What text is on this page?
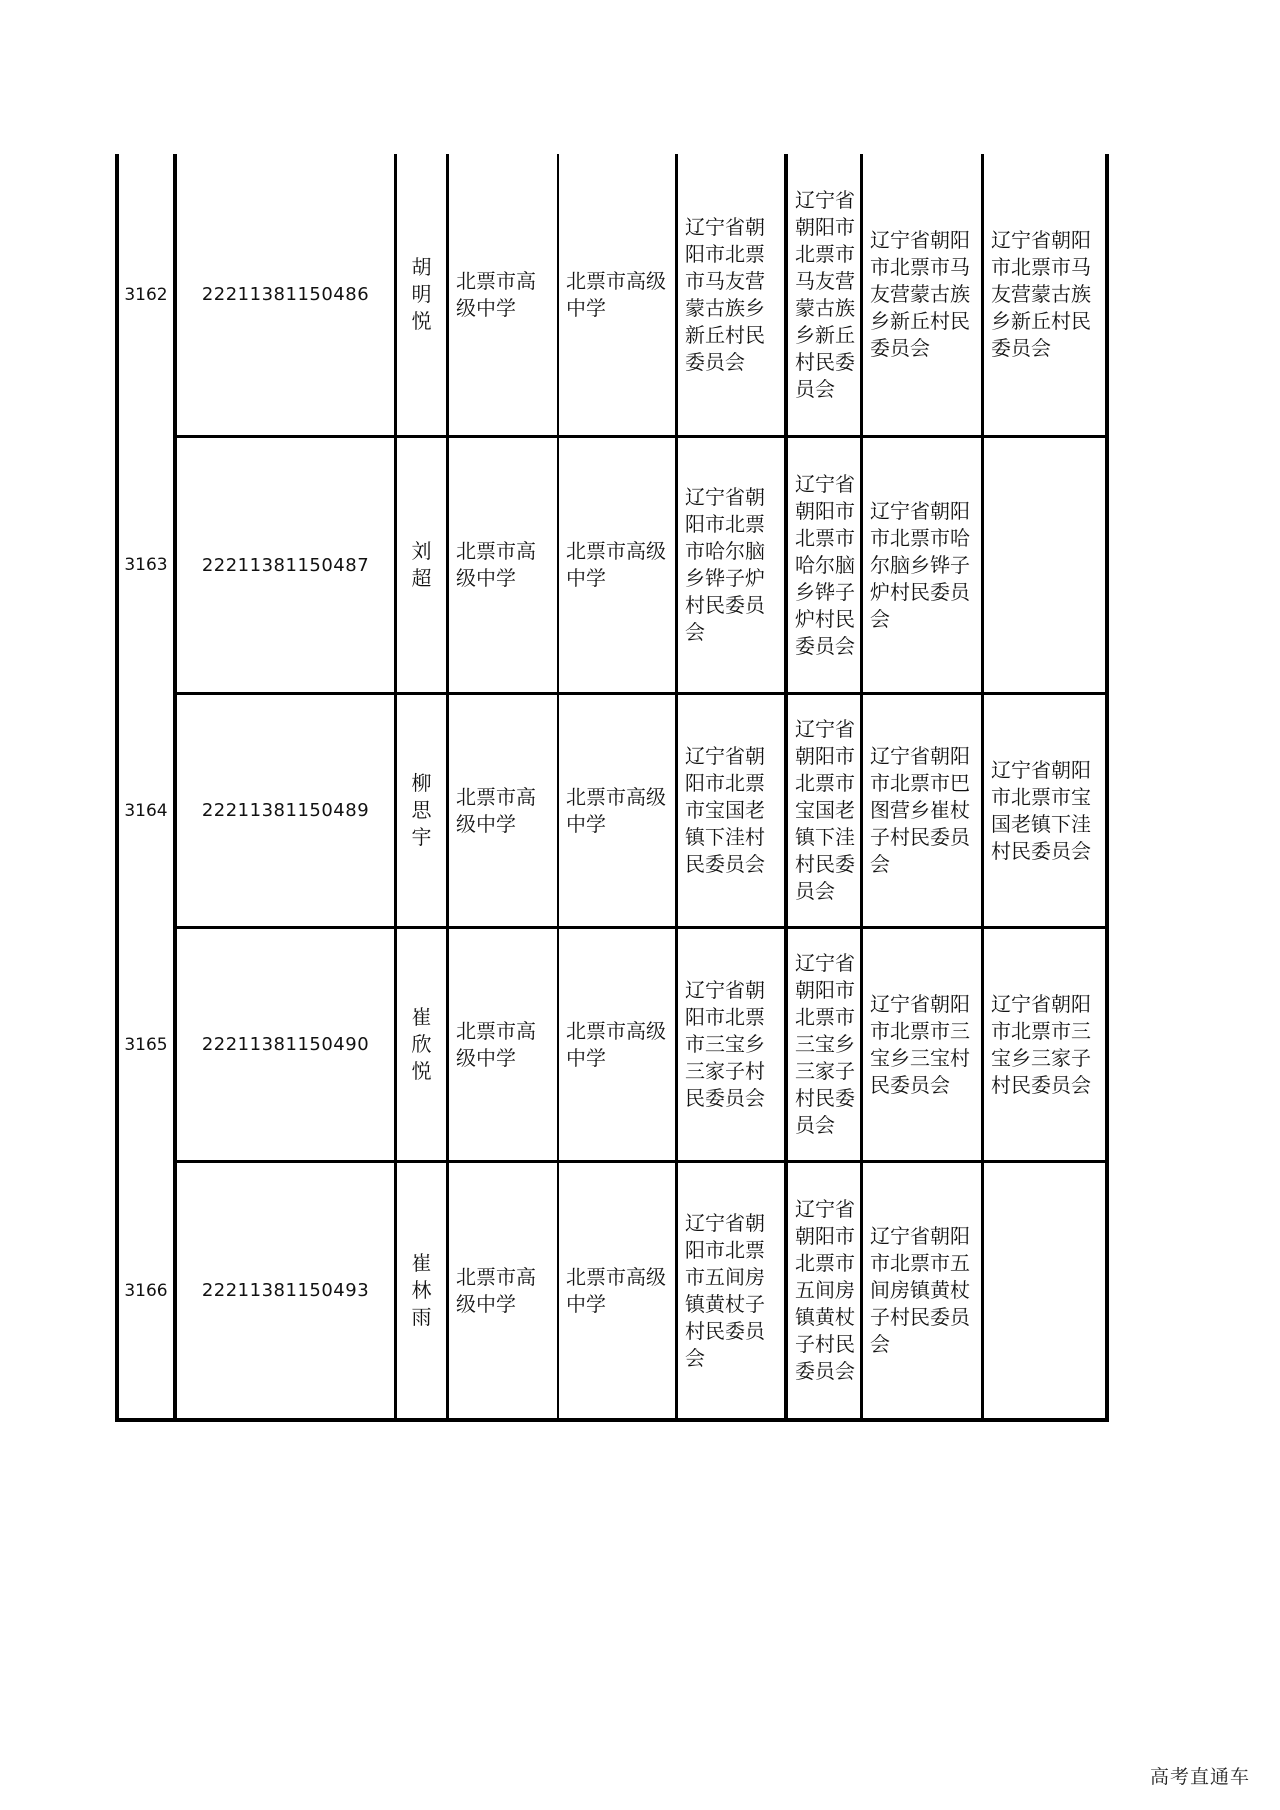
3162 22211381150486
胡明悦
北票市高级中学
北票市高级中学
辽宁省朝阳市北票市马友营蒙古族乡新丘村民委员会
辽宁省朝阳市北票市马友营蒙古族乡新丘村民委员会
辽宁省朝阳市北票市马友营蒙古族乡新丘村民委员会
辽宁省朝阳市北票市马友营蒙古族乡新丘村民委员会
3163 22211381150487
刘超
北票市高级中学
北票市高级中学
辽宁省朝阳市北票市哈尔脑乡铧子炉村民委员会
辽宁省朝阳市北票市哈尔脑乡铧子炉村民委员会
辽宁省朝阳市北票市哈尔脑乡铧子炉村民委员会
3164 22211381150489
柳思宇
北票市高级中学
北票市高级中学
辽宁省朝阳市北票市宝国老镇下洼村民委员会
辽宁省朝阳市北票市宝国老镇下洼村民委员会
辽宁省朝阳市北票市巴图营乡崔杖子村民委员会
辽宁省朝阳市北票市宝国老镇下洼村民委员会
3165 22211381150490
崔欣悦
北票市高级中学
北票市高级中学
辽宁省朝阳市北票市三宝乡三家子村民委员会
辽宁省朝阳市北票市三宝乡三家子村民委员会
辽宁省朝阳市北票市三宝乡三宝村民委员会
辽宁省朝阳市北票市三宝乡三家子村民委员会
3166 22211381150493
崔林雨
北票市高级中学
北票市高级中学
辽宁省朝阳市北票市五间房镇黄杖子村民委员会
辽宁省朝阳市北票市五间房镇黄杖子村民委员会
辽宁省朝阳市北票市五间房镇黄杖子村民委员会
高考直通车
